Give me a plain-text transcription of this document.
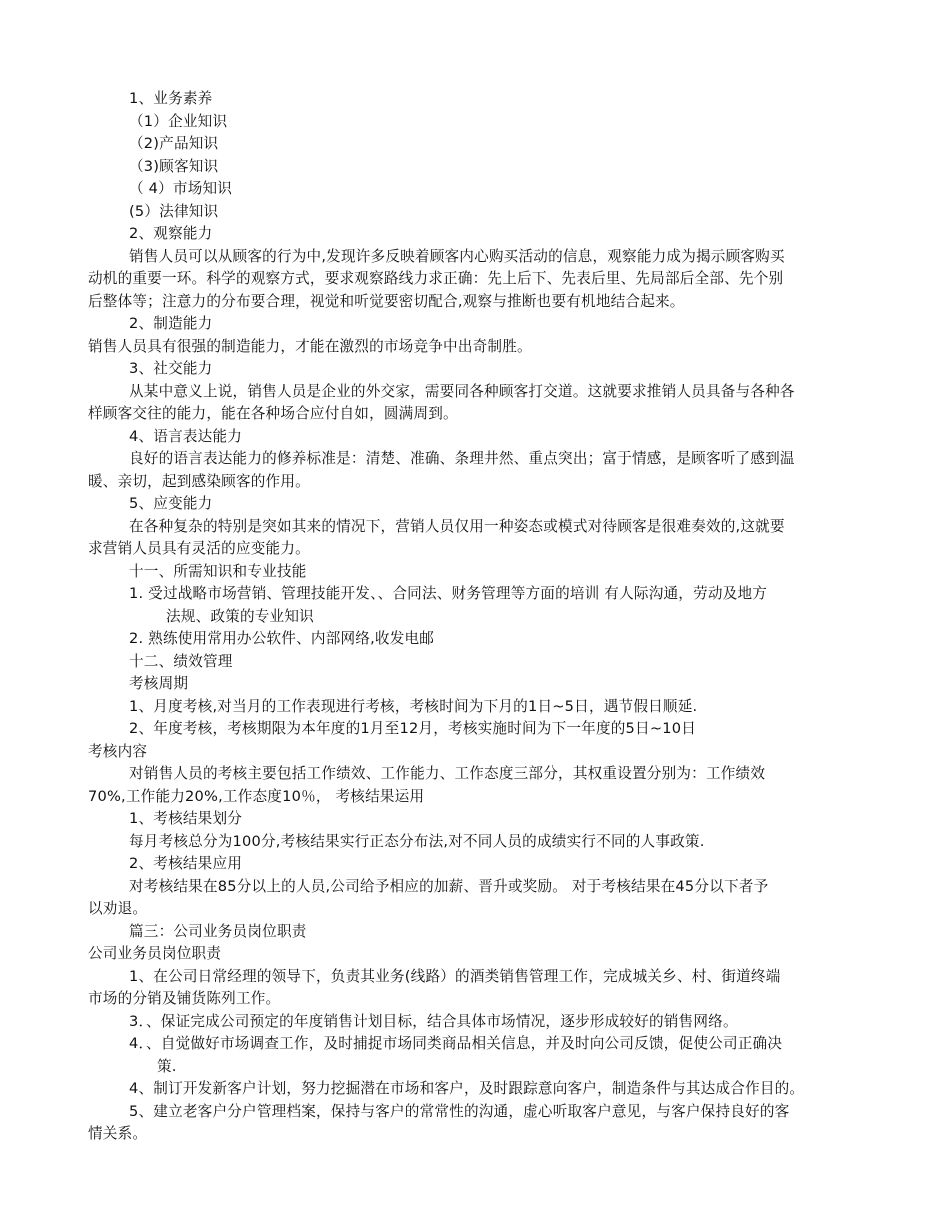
1、业务素养
（1）企业知识
（2)产品知识
（3)顾客知识
（ 4）市场知识
(5）法律知识
2、观察能力
销售人员可以从顾客的行为中,发现许多反映着顾客内心购买活动的信息，观察能力成为揭示顾客购买
动机的重要一环。科学的观察方式，要求观察路线力求正确：先上后下、先表后里、先局部后全部、先个别
后整体等；注意力的分布要合理，视觉和听觉要密切配合,观察与推断也要有机地结合起来。
2、制造能力
销售人员具有很强的制造能力，才能在激烈的市场竞争中出奇制胜。
3、社交能力
从某中意义上说，销售人员是企业的外交家，需要同各种顾客打交道。这就要求推销人员具备与各种各
样顾客交往的能力，能在各种场合应付自如，圆满周到。
4、语言表达能力
良好的语言表达能力的修养标准是：清楚、准确、条理井然、重点突出；富于情感，是顾客听了感到温
暖、亲切，起到感染顾客的作用。
5、应变能力
在各种复杂的特别是突如其来的情况下，营销人员仅用一种姿态或模式对待顾客是很难奏效的,这就要
求营销人员具有灵活的应变能力。
十一、所需知识和专业技能
1. 受过战略市场营销、管理技能开发、、合同法、财务管理等方面的培训 有人际沟通，劳动及地方
法规、政策的专业知识
2. 熟练使用常用办公软件、内部网络,收发电邮
十二、绩效管理
考核周期
1、月度考核,对当月的工作表现进行考核，考核时间为下月的1日~5日，遇节假日顺延.
2、年度考核，考核期限为本年度的1月至12月，考核实施时间为下一年度的5日~10日
考核内容
对销售人员的考核主要包括工作绩效、工作能力、工作态度三部分，其权重设置分别为：工作绩效
70%,工作能力20%,工作态度10％， 考核结果运用
1、考核结果划分
每月考核总分为100分,考核结果实行正态分布法,对不同人员的成绩实行不同的人事政策.
2、考核结果应用
对考核结果在85分以上的人员,公司给予相应的加薪、晋升或奖励。 对于考核结果在45分以下者予
以劝退。
篇三：公司业务员岗位职责
公司业务员岗位职责
1、在公司日常经理的领导下，负责其业务(线路）的酒类销售管理工作，完成城关乡、村、街道终端
市场的分销及铺货陈列工作。
3．、保证完成公司预定的年度销售计划目标，结合具体市场情况，逐步形成较好的销售网络。
4．、自觉做好市场调查工作，及时捕捉市场同类商品相关信息，并及时向公司反馈，促使公司正确决
策.
4、制订开发新客户计划，努力挖掘潜在市场和客户，及时跟踪意向客户，制造条件与其达成合作目的。
5、建立老客户分户管理档案，保持与客户的常常性的沟通，虚心听取客户意见，与客户保持良好的客
情关系。
